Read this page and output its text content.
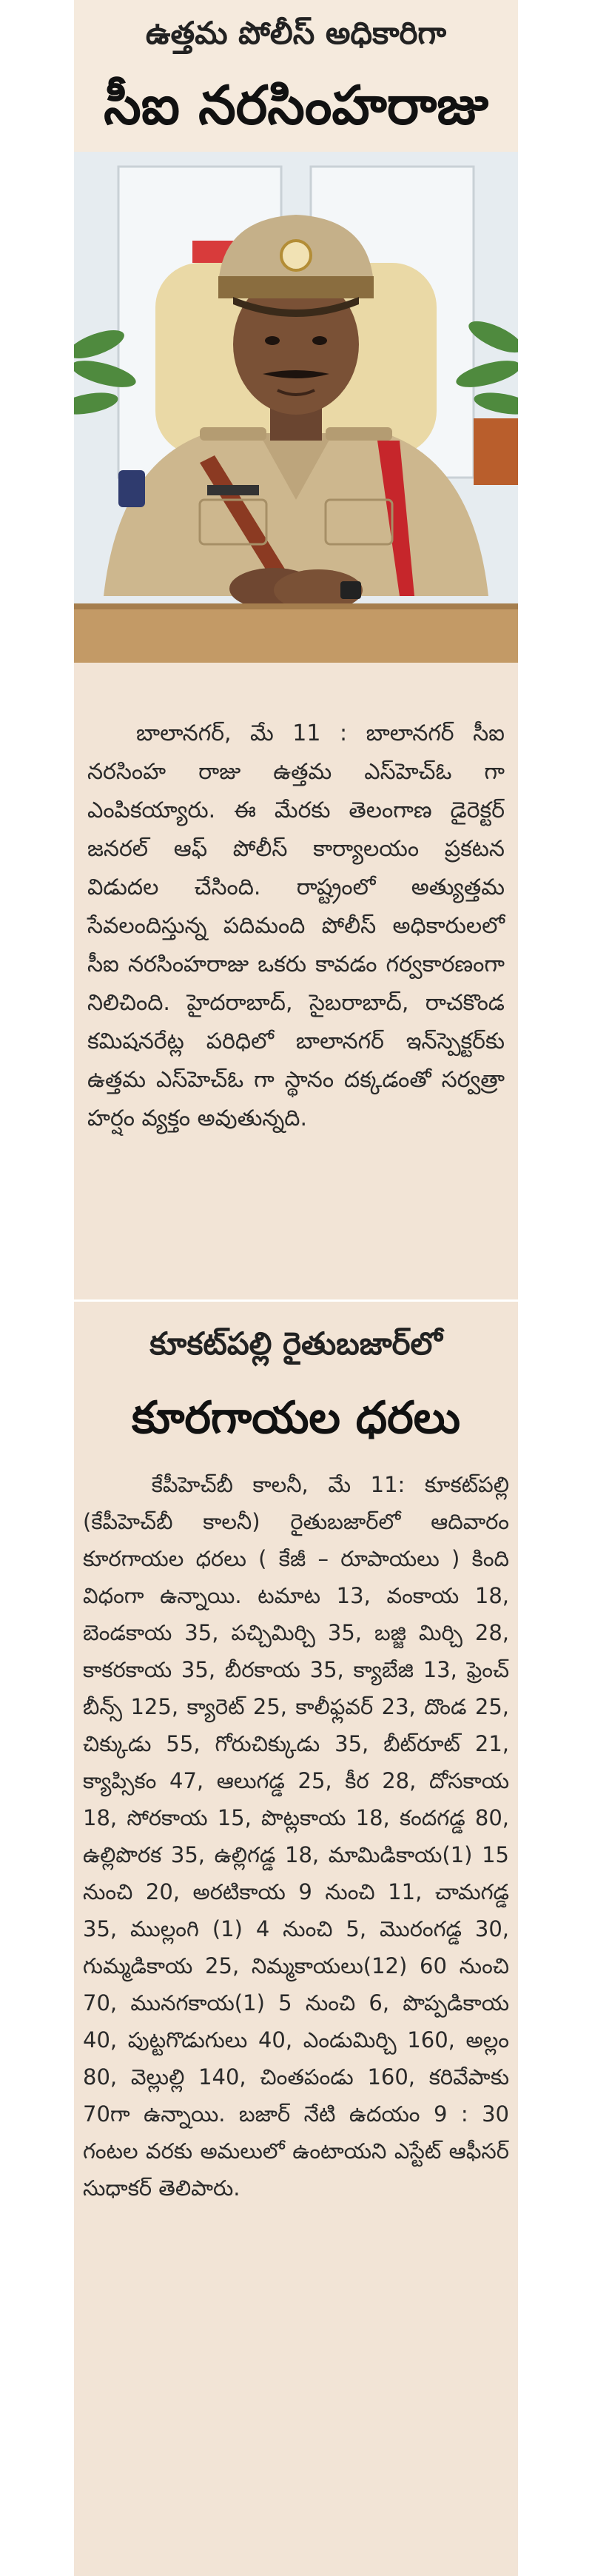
ఉత్తమ పోలీస్ అధికారిగా
సీఐ నరసింహరాజు
బాలానగర్, మే 11 : బాలానగర్ సీఐ నరసింహ రాజు ఉత్తమ ఎస్‌హెచ్‌ఓ గా ఎంపికయ్యారు. ఈ మేరకు తెలంగాణ డైరెక్టర్ జనరల్ ఆఫ్ పోలీస్ కార్యాలయం ప్రకటన విడుదల చేసింది. రాష్ట్రంలో అత్యుత్తమ సేవలందిస్తున్న పదిమంది పోలీస్ అధికారులలో సీఐ నరసింహరాజు ఒకరు కావడం గర్వకారణంగా నిలిచింది. హైదరాబాద్, సైబరాబాద్, రాచకొండ కమిషనరేట్ల పరిధిలో బాలానగర్ ఇన్‌స్పెక్టర్‌కు ఉత్తమ ఎస్‌హెచ్‌ఓ గా స్థానం దక్కడంతో సర్వత్రా హర్షం వ్యక్తం అవుతున్నది.
కూకట్‌పల్లి రైతుబజార్‌లో
కూరగాయల ధరలు
కేపీహెచ్‌బీ కాలనీ, మే 11: కూకట్‌పల్లి (కేపీహెచ్‌బీ కాలనీ) రైతుబజార్‌లో ఆదివారం కూరగాయల ధరలు ( కేజీ – రూపాయలు ) కింది విధంగా ఉన్నాయి. టమాట 13, వంకాయ 18, బెండకాయ 35, పచ్చిమిర్చి 35, బజ్జి మిర్చి 28, కాకరకాయ 35, బీరకాయ 35, క్యాబేజి 13, ఫ్రెంచ్ బీన్స్ 125, క్యారెట్ 25, కాలీఫ్లవర్ 23, దొండ 25, చిక్కుడు 55, గోరుచిక్కుడు 35, బీట్‌రూట్ 21, క్యాప్సికం 47, ఆలుగడ్డ 25, కీర 28, దోసకాయ 18, సోరకాయ 15, పొట్లకాయ 18, కందగడ్డ 80, ఉల్లిపొరక 35, ఉల్లిగడ్డ 18, మామిడికాయ(1) 15 నుంచి 20, అరటికాయ 9 నుంచి 11, చామగడ్డ 35, ముల్లంగి (1) 4 నుంచి 5, మొరంగడ్డ 30, గుమ్మడికాయ 25, నిమ్మకాయలు(12) 60 నుంచి 70, మునగకాయ(1) 5 నుంచి 6, పొప్పడికాయ 40, పుట్టగొడుగులు 40, ఎండుమిర్చి 160, అల్లం 80, వెల్లుల్లి 140, చింతపండు 160, కరివేపాకు 70గా ఉన్నాయి. బజార్ నేటి ఉదయం 9 : 30 గంటల వరకు అమలులో ఉంటాయని ఎస్టేట్ ఆఫీసర్ సుధాకర్ తెలిపారు.
